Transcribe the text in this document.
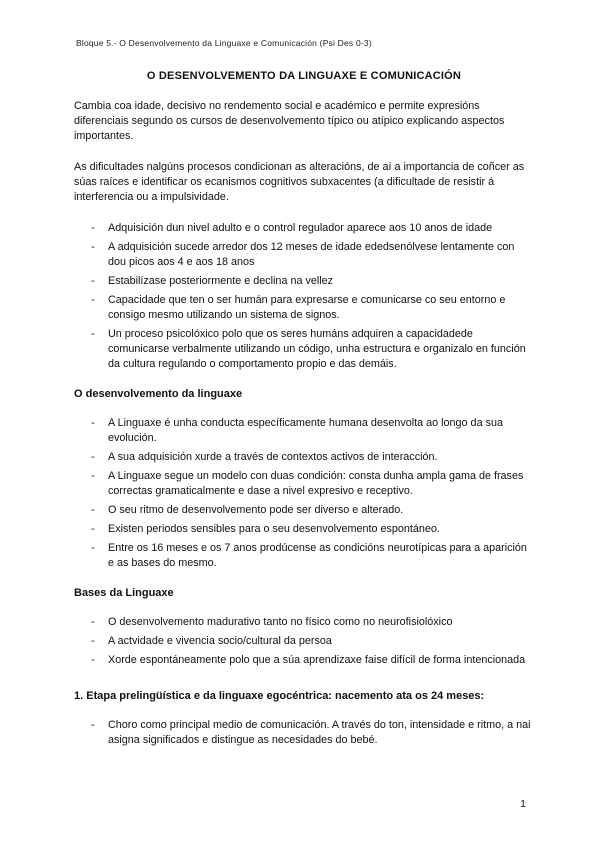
Bloque 5.- O Desenvolvemento da Linguaxe e Comunicación (Psi Des 0-3)
O DESENVOLVEMENTO DA LINGUAXE E COMUNICACIÓN

Cambia coa idade, decisivo no rendemento social e académico e permite expresións diferenciais segundo os cursos de desenvolvemento típico ou atípico explicando aspectos importantes.

As dificultades nalgúns procesos condicionan as alteracións, de aí a importancia de coñcer as súas raíces e identificar os ecanismos cognitivos subxacentes (a dificultade de resistir á interferencia ou a impulsividade.

- Adquisición dun nivel adulto e o control regulador aparece aos 10 anos de idade
- A adquisición sucede arredor dos 12 meses de idade ededsenólvese lentamente con dou picos aos 4 e aos 18 anos
- Estabilízase posteriormente e declina na vellez
- Capacidade que ten o ser humán para expresarse e comunicarse co seu entorno e consigo mesmo utilizando un sistema de signos.
- Un proceso psicolóxico polo que os seres humáns adquiren a capacidadede comunicarse verbalmente utilizando un código, unha estructura e organizalo en función da cultura regulando o comportamento propio e das demáis.
O desenvolvemento da linguaxe
- A Linguaxe é unha conducta específicamente humana desenvolta ao longo da sua evolución.
- A sua adquisición xurde a través de contextos activos de interacción.
- A Linguaxe segue un modelo con duas condición: consta dunha ampla gama de frases correctas gramaticalmente e dase a nivel expresivo e receptivo.
- O seu ritmo de desenvolvemento pode ser diverso e alterado.
- Existen periodos sensibles para o seu desenvolvemento espontáneo.
- Entre os 16 meses e os 7 anos prodúcense as condicións neurotípicas para a aparición e as bases do mesmo.
Bases da Linguaxe
- O desenvolvemento madurativo tanto no físico como no neurofisiolóxico
- A actvidade e vivencia socio/cultural da persoa
- Xorde espontáneamente polo que a súa aprendizaxe faise difícil de forma intencionada
1. Etapa prelingüística e da linguaxe egocéntrica: nacemento ata os 24 meses:
- Choro como principal medio de comunicación. A través do ton, intensidade e ritmo, a nai asigna significados e distingue as necesidades do bebé.
1
